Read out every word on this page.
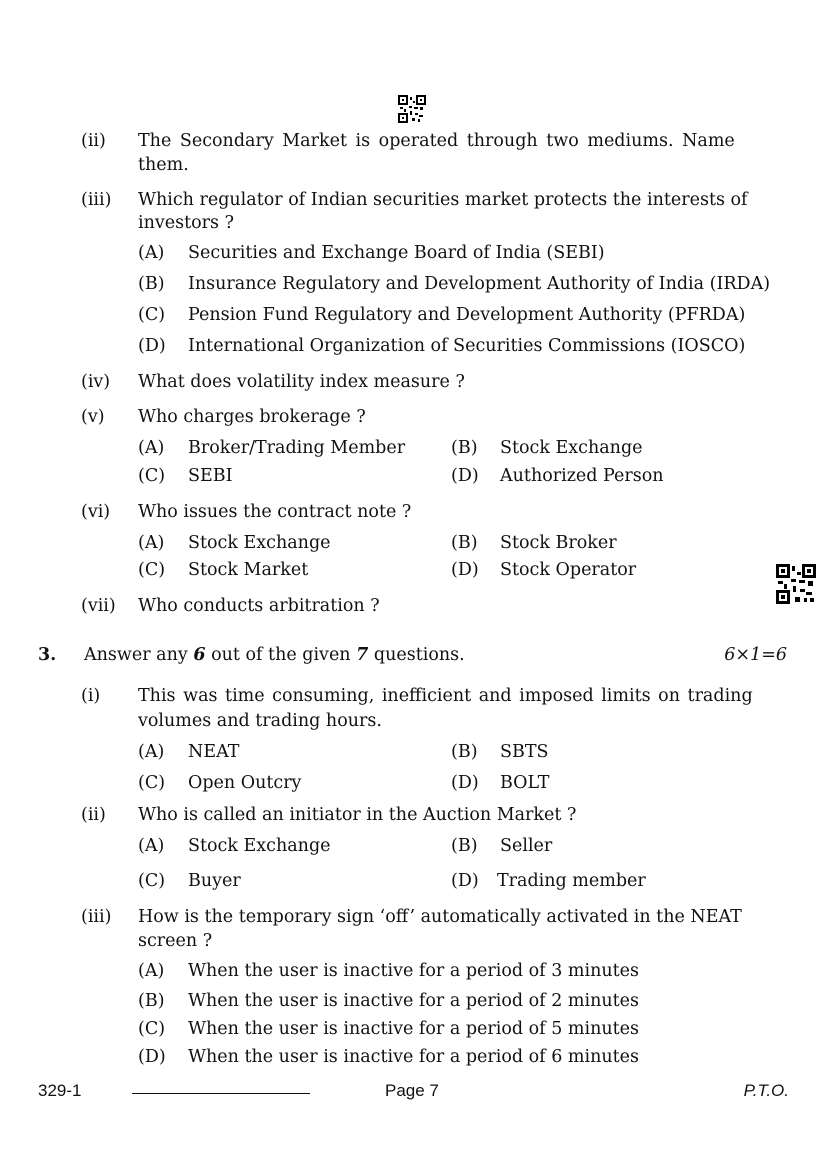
(ii) The Secondary Market is operated through two mediums. Name
them.
(iii) Which regulator of Indian securities market protects the interests of
investors ?
(A) Securities and Exchange Board of India (SEBI)
(B) Insurance Regulatory and Development Authority of India (IRDA)
(C) Pension Fund Regulatory and Development Authority (PFRDA)
(D) International Organization of Securities Commissions (IOSCO)
(iv) What does volatility index measure ?
(v) Who charges brokerage ?
(A) Broker/Trading Member	(B) Stock Exchange
(C) SEBI	(D) Authorized Person
(vi) Who issues the contract note ?
(A) Stock Exchange	(B) Stock Broker
(C) Stock Market	(D) Stock Operator
(vii) Who conducts arbitration ?
3. Answer any 6 out of the given 7 questions.	6×1=6
(i) This was time consuming, inefficient and imposed limits on trading
volumes and trading hours.
(A) NEAT	(B) SBTS
(C) Open Outcry	(D) BOLT
(ii) Who is called an initiator in the Auction Market ?
(A) Stock Exchange	(B) Seller
(C) Buyer	(D) Trading member
(iii) How is the temporary sign ‘off’ automatically activated in the NEAT
screen ?
(A) When the user is inactive for a period of 3 minutes
(B) When the user is inactive for a period of 2 minutes
(C) When the user is inactive for a period of 5 minutes
(D) When the user is inactive for a period of 6 minutes
329-1	Page 7	P.T.O.
